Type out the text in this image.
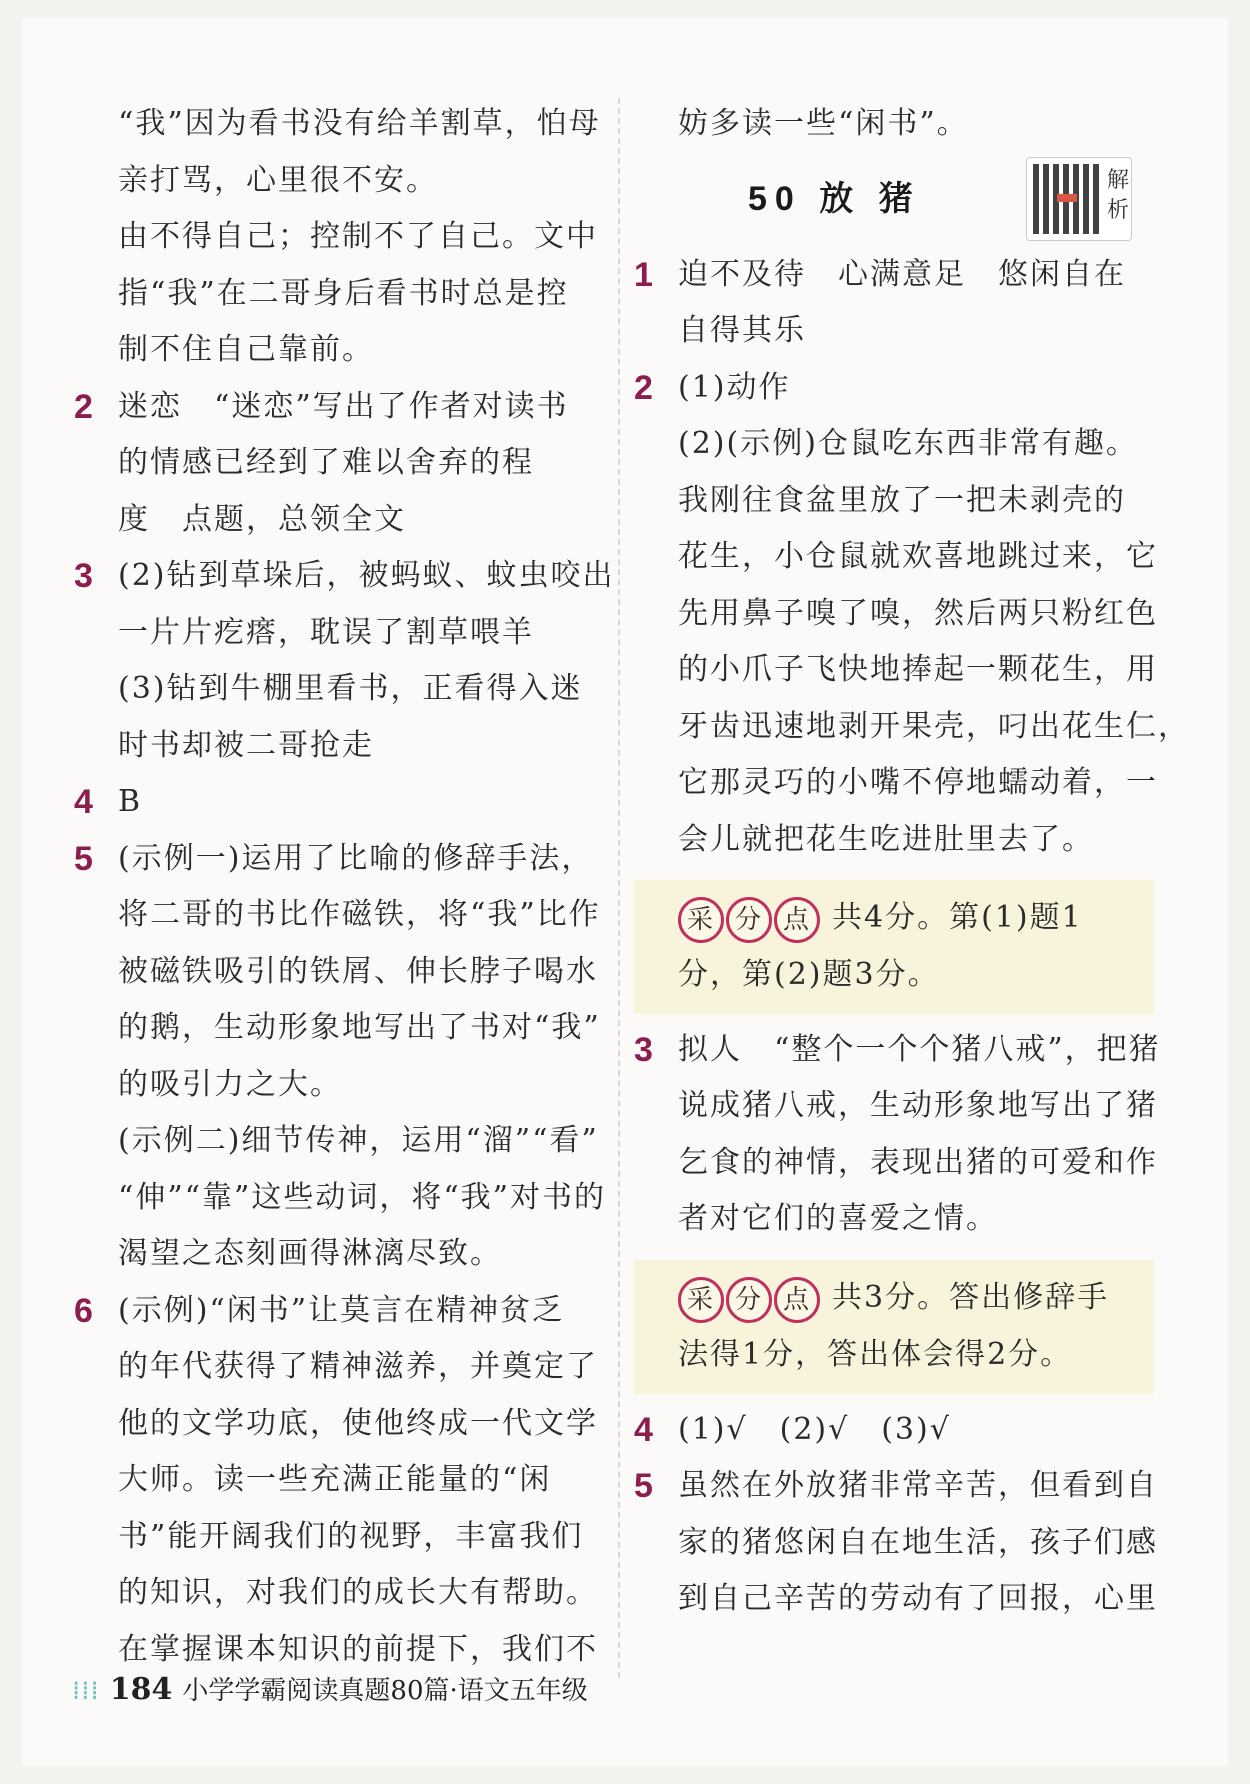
“我”因为看书没有给羊割草，怕母
亲打骂，心里很不安。
由不得自己；控制不了自己。文中
指“我”在二哥身后看书时总是控
制不住自己靠前。
2 迷恋　“迷恋”写出了作者对读书
的情感已经到了难以舍弃的程
度　点题，总领全文
3 (2)钻到草垛后，被蚂蚁、蚊虫咬出
一片片疙瘩，耽误了割草喂羊
(3)钻到牛棚里看书，正看得入迷
时书却被二哥抢走
4 B
5 (示例一)运用了比喻的修辞手法，
将二哥的书比作磁铁，将“我”比作
被磁铁吸引的铁屑、伸长脖子喝水
的鹅，生动形象地写出了书对“我”
的吸引力之大。
(示例二)细节传神，运用“溜”“看”
“伸”“靠”这些动词，将“我”对书的
渴望之态刻画得淋漓尽致。
6 (示例)“闲书”让莫言在精神贫乏
的年代获得了精神滋养，并奠定了
他的文学功底，使他终成一代文学
大师。读一些充满正能量的“闲
书”能开阔我们的视野，丰富我们
的知识，对我们的成长大有帮助。
在掌握课本知识的前提下，我们不
妨多读一些“闲书”。
50 放 猪	解析
1 迫不及待　心满意足　悠闲自在
自得其乐
2 (1)动作
(2)(示例)仓鼠吃东西非常有趣。
我刚往食盆里放了一把未剥壳的
花生，小仓鼠就欢喜地跳过来，它
先用鼻子嗅了嗅，然后两只粉红色
的小爪子飞快地捧起一颗花生，用
牙齿迅速地剥开果壳，叼出花生仁，
它那灵巧的小嘴不停地蠕动着，一
会儿就把花生吃进肚里去了。
采 分 点 共4分。第(1)题1
分，第(2)题3分。
3 拟人　“整个一个个猪八戒”，把猪
说成猪八戒，生动形象地写出了猪
乞食的神情，表现出猪的可爱和作
者对它们的喜爱之情。
采 分 点 共3分。答出修辞手
法得1分，答出体会得2分。
4 (1)√　(2)√　(3)√
5 虽然在外放猪非常辛苦，但看到自
家的猪悠闲自在地生活，孩子们感
到自己辛苦的劳动有了回报，心里
⁞⁞⁞ 184 小学学霸阅读真题80篇·语文五年级
